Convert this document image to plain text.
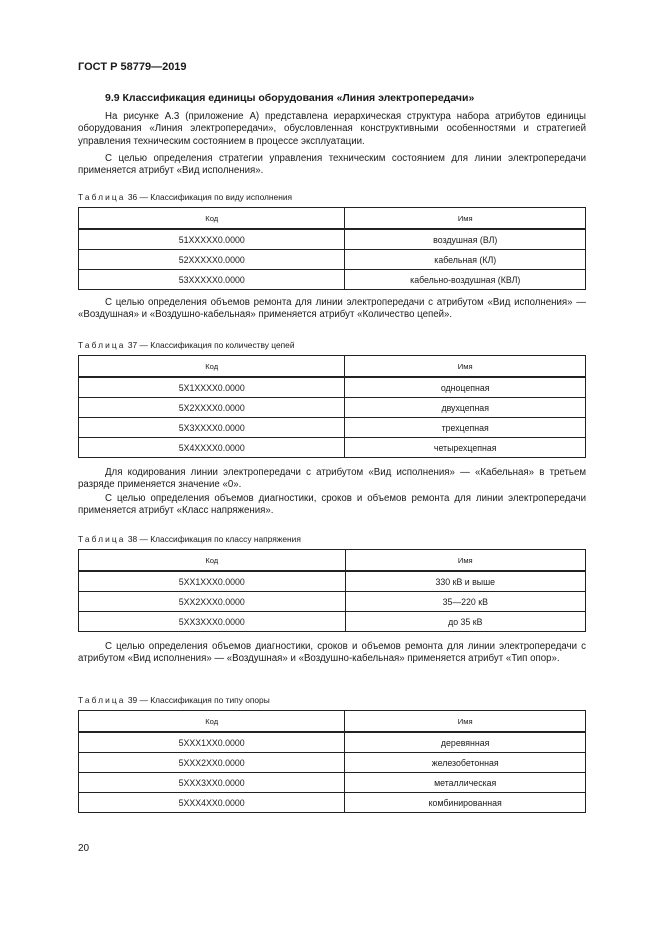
ГОСТ Р 58779—2019
9.9 Классификация единицы оборудования «Линия электропередачи»
На рисунке А.3 (приложение А) представлена иерархическая структура набора атрибутов единицы оборудования «Линия электропередачи», обусловленная конструктивными особенностями и стратегией управления техническим состоянием в процессе эксплуатации.
С целью определения стратегии управления техническим состоянием для линии электропередачи применяется атрибут «Вид исполнения».
Таблица 36 — Классификация по виду исполнения
Код	Имя
51XXXXX0.0000	воздушная (ВЛ)
52XXXXX0.0000	кабельная (КЛ)
53XXXXX0.0000	кабельно-воздушная (КВЛ)
С целью определения объемов ремонта для линии электропередачи с атрибутом «Вид исполнения» — «Воздушная» и «Воздушно-кабельная» применяется атрибут «Количество цепей».
Таблица 37 — Классификация по количеству цепей
Код	Имя
5X1XXXX0.0000	одноцепная
5X2XXXX0.0000	двухцепная
5X3XXXX0.0000	трехцепная
5X4XXXX0.0000	четырехцепная
Для кодирования линии электропередачи с атрибутом «Вид исполнения» — «Кабельная» в третьем разряде применяется значение «0».
С целью определения объемов диагностики, сроков и объемов ремонта для линии электропередачи применяется атрибут «Класс напряжения».
Таблица 38 — Классификация по классу напряжения
Код	Имя
5XX1XXX0.0000	330 кВ и выше
5XX2XXX0.0000	35—220 кВ
5XX3XXX0.0000	до 35 кВ
С целью определения объемов диагностики, сроков и объемов ремонта для линии электропередачи с атрибутом «Вид исполнения» — «Воздушная» и «Воздушно-кабельная» применяется атрибут «Тип опор».
Таблица 39 — Классификация по типу опоры
Код	Имя
5XXX1XX0.0000	деревянная
5XXX2XX0.0000	железобетонная
5XXX3XX0.0000	металлическая
5XXX4XX0.0000	комбинированная
20
